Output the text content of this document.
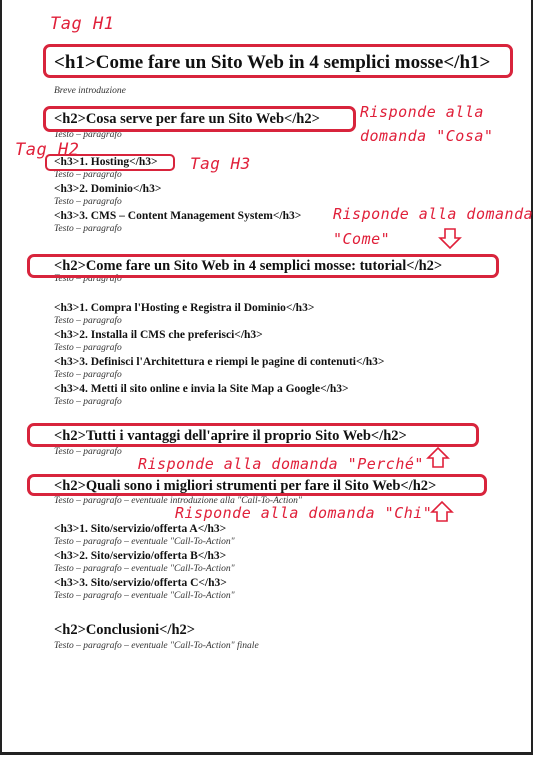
<h1>Come fare un Sito Web in 4 semplici mosse</h1>
Breve introduzione
<h2>Cosa serve per fare un Sito Web</h2>
Testo – paragrafo
<h3>1. Hosting</h3>
Testo – paragrafo
<h3>2. Dominio</h3>
Testo – paragrafo
<h3>3. CMS – Content Management System</h3>
Testo – paragrafo
<h2>Come fare un Sito Web in 4 semplici mosse: tutorial</h2>
Testo – paragrafo
<h3>1. Compra l'Hosting e Registra il Dominio</h3>
Testo – paragrafo
<h3>2. Installa il CMS che preferisci</h3>
Testo – paragrafo
<h3>3. Definisci l'Architettura e riempi le pagine di contenuti</h3>
Testo – paragrafo
<h3>4. Metti il sito online e invia la Site Map a Google</h3>
Testo – paragrafo
<h2>Tutti i vantaggi dell'aprire il proprio Sito Web</h2>
Testo – paragrafo
<h2>Quali sono i migliori strumenti per fare il Sito Web</h2>
Testo – paragrafo – eventuale introduzione alla "Call-To-Action"
<h3>1. Sito/servizio/offerta A</h3>
Testo – paragrafo – eventuale "Call-To-Action"
<h3>2. Sito/servizio/offerta B</h3>
Testo – paragrafo – eventuale "Call-To-Action"
<h3>3. Sito/servizio/offerta C</h3>
Testo – paragrafo – eventuale "Call-To-Action"
<h2>Conclusioni</h2>
Testo – paragrafo – eventuale "Call-To-Action" finale
Tag H1
Tag H2
Tag H3
Risponde alla
domanda "Cosa"
Risponde alla domanda
"Come"
Risponde alla domanda "Perché"
Risponde alla domanda "Chi"
